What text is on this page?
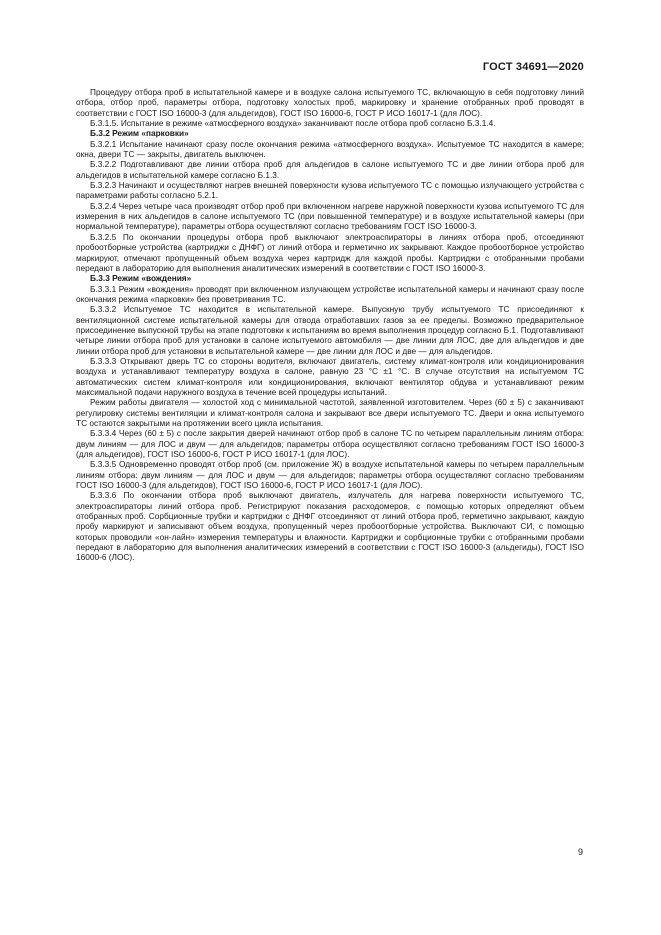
ГОСТ 34691—2020

Процедуру отбора проб в испытательной камере и в воздухе салона испытуемого ТС, включающую в себя подготовку линий отбора, отбор проб, параметры отбора, подготовку холостых проб, маркировку и хранение отобранных проб проводят в соответствии с ГОСТ ISO 16000-3 (для альдегидов), ГОСТ ISO 16000-6, ГОСТ Р ИСО 16017-1 (для ЛОС).

Б.3.1.5. Испытание в режиме «атмосферного воздуха» заканчивают после отбора проб согласно Б.3.1.4.

Б.3.2 Режим «парковки»

Б.3.2.1 Испытание начинают сразу после окончания режима «атмосферного воздуха». Испытуемое ТС находится в камере; окна, двери ТС — закрыты, двигатель выключен.

Б.3.2.2 Подготавливают две линии отбора проб для альдегидов в салоне испытуемого ТС и две линии отбора проб для альдегидов в испытательной камере согласно Б.1.3.

Б.3.2.3 Начинают и осуществляют нагрев внешней поверхности кузова испытуемого ТС с помощью излучающего устройства с параметрами работы согласно 5.2.1.

Б.3.2.4 Через четыре часа производят отбор проб при включенном нагреве наружной поверхности кузова испытуемого ТС для измерения в них альдегидов в салоне испытуемого ТС (при повышенной температуре) и в воздухе испытательной камеры (при нормальной температуре), параметры отбора осуществляют согласно требованиям ГОСТ ISO 16000-3.

Б.3.2.5 По окончании процедуры отбора проб выключают электроаспираторы в линиях отбора проб, отсоединяют пробоотборные устройства (картриджи с ДНФГ) от линий отбора и герметично их закрывают. Каждое пробоотборное устройство маркируют, отмечают пропущенный объем воздуха через картридж для каждой пробы. Картриджи с отобранными пробами передают в лабораторию для выполнения аналитических измерений в соответствии с ГОСТ ISO 16000-3.

Б.3.3 Режим «вождения»

Б.3.3.1 Режим «вождения» проводят при включенном излучающем устройстве испытательной камеры и начинают сразу после окончания режима «парковки» без проветривания ТС.

Б.3.3.2 Испытуемое ТС находится в испытательной камере. Выпускную трубу испытуемого ТС присоединяют к вентиляционной системе испытательной камеры для отвода отработавших газов за ее пределы. Возможно предварительное присоединение выпускной трубы на этапе подготовки к испытаниям во время выполнения процедур согласно Б.1. Подготавливают четыре линии отбора проб для установки в салоне испытуемого автомобиля — две линии для ЛОС, две для альдегидов и две линии отбора проб для установки в испытательной камере — две линии для ЛОС и две — для альдегидов.

Б.3.3.3 Открывают дверь ТС со стороны водителя, включают двигатель, систему климат-контроля или кондиционирования воздуха и устанавливают температуру воздуха в салоне, равную 23 °С ±1 °С. В случае отсутствия на испытуемом ТС автоматических систем климат-контроля или кондиционирования, включают вентилятор обдува и устанавливают режим максимальной подачи наружного воздуха в течение всей процедуры испытаний.

Режим работы двигателя — холостой ход с минимальной частотой, заявленной изготовителем. Через (60 ± 5) с заканчивают регулировку системы вентиляции и климат-контроля салона и закрывают все двери испытуемого ТС. Двери и окна испытуемого ТС остаются закрытыми на протяжении всего цикла испытания.

Б.3.3.4 Через (60 ± 5) с после закрытия дверей начинают отбор проб в салоне ТС по четырем параллельным линиям отбора: двум линиям — для ЛОС и двум — для альдегидов; параметры отбора осуществляют согласно требованиям ГОСТ ISO 16000-3 (для альдегидов), ГОСТ ISO 16000-6, ГОСТ Р ИСО 16017-1 (для ЛОС).

Б.3.3.5 Одновременно проводят отбор проб (см. приложение Ж) в воздухе испытательной камеры по четырем параллельным линиям отбора: двум линиям — для ЛОС и двум — для альдегидов; параметры отбора осуществляют согласно требованиям ГОСТ ISO 16000-3 (для альдегидов), ГОСТ ISO 16000-6, ГОСТ Р ИСО 16017-1 (для ЛОС).

Б.3.3.6 По окончании отбора проб выключают двигатель, излучатель для нагрева поверхности испытуемого ТС, электроаспираторы линий отбора проб. Регистрируют показания расходомеров, с помощью которых определяют объем отобранных проб. Сорбционные трубки и картриджи с ДНФГ отсоединяют от линий отбора проб, герметично закрывают, каждую пробу маркируют и записывают объем воздуха, пропущенный через пробоотборные устройства. Выключают СИ, с помощью которых проводили «он-лайн» измерения температуры и влажности. Картриджи и сорбционные трубки с отобранными пробами передают в лабораторию для выполнения аналитических измерений в соответствии с ГОСТ ISO 16000-3 (альдегиды), ГОСТ ISO 16000-6 (ЛОС).

9
